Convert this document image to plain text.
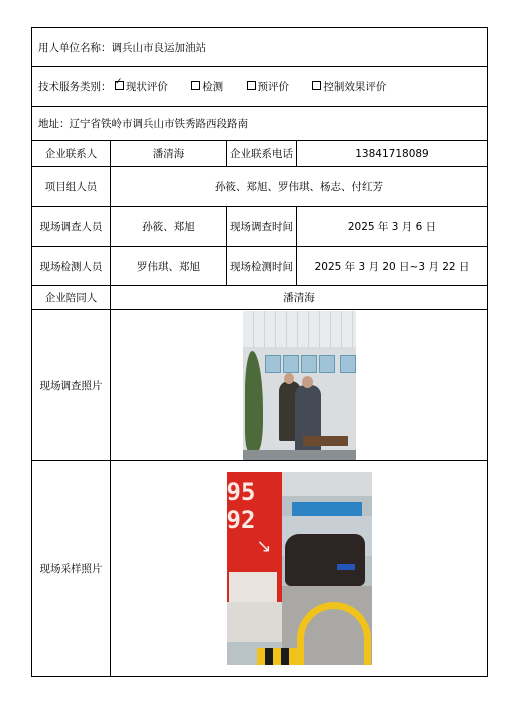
用人单位名称：调兵山市良运加油站			
技术服务类别： ✓ 现状评价 检测 预评价 控制效果评价
地址：辽宁省铁岭市调兵山市铁秀路西段路南			
企业联系人	潘清海	企业联系电话	13841718089
项目组人员	孙筱、郑旭、罗伟琪、杨志、付红芳		
现场调查人员	孙筱、郑旭	现场调查时间	2025 年 3 月 6 日
现场检测人员	罗伟琪、郑旭	现场检测时间	2025 年 3 月 20 日~3 月 22 日
企业陪同人	潘清海		
现场调查照片			

现场采样照片	95
92
↘		
